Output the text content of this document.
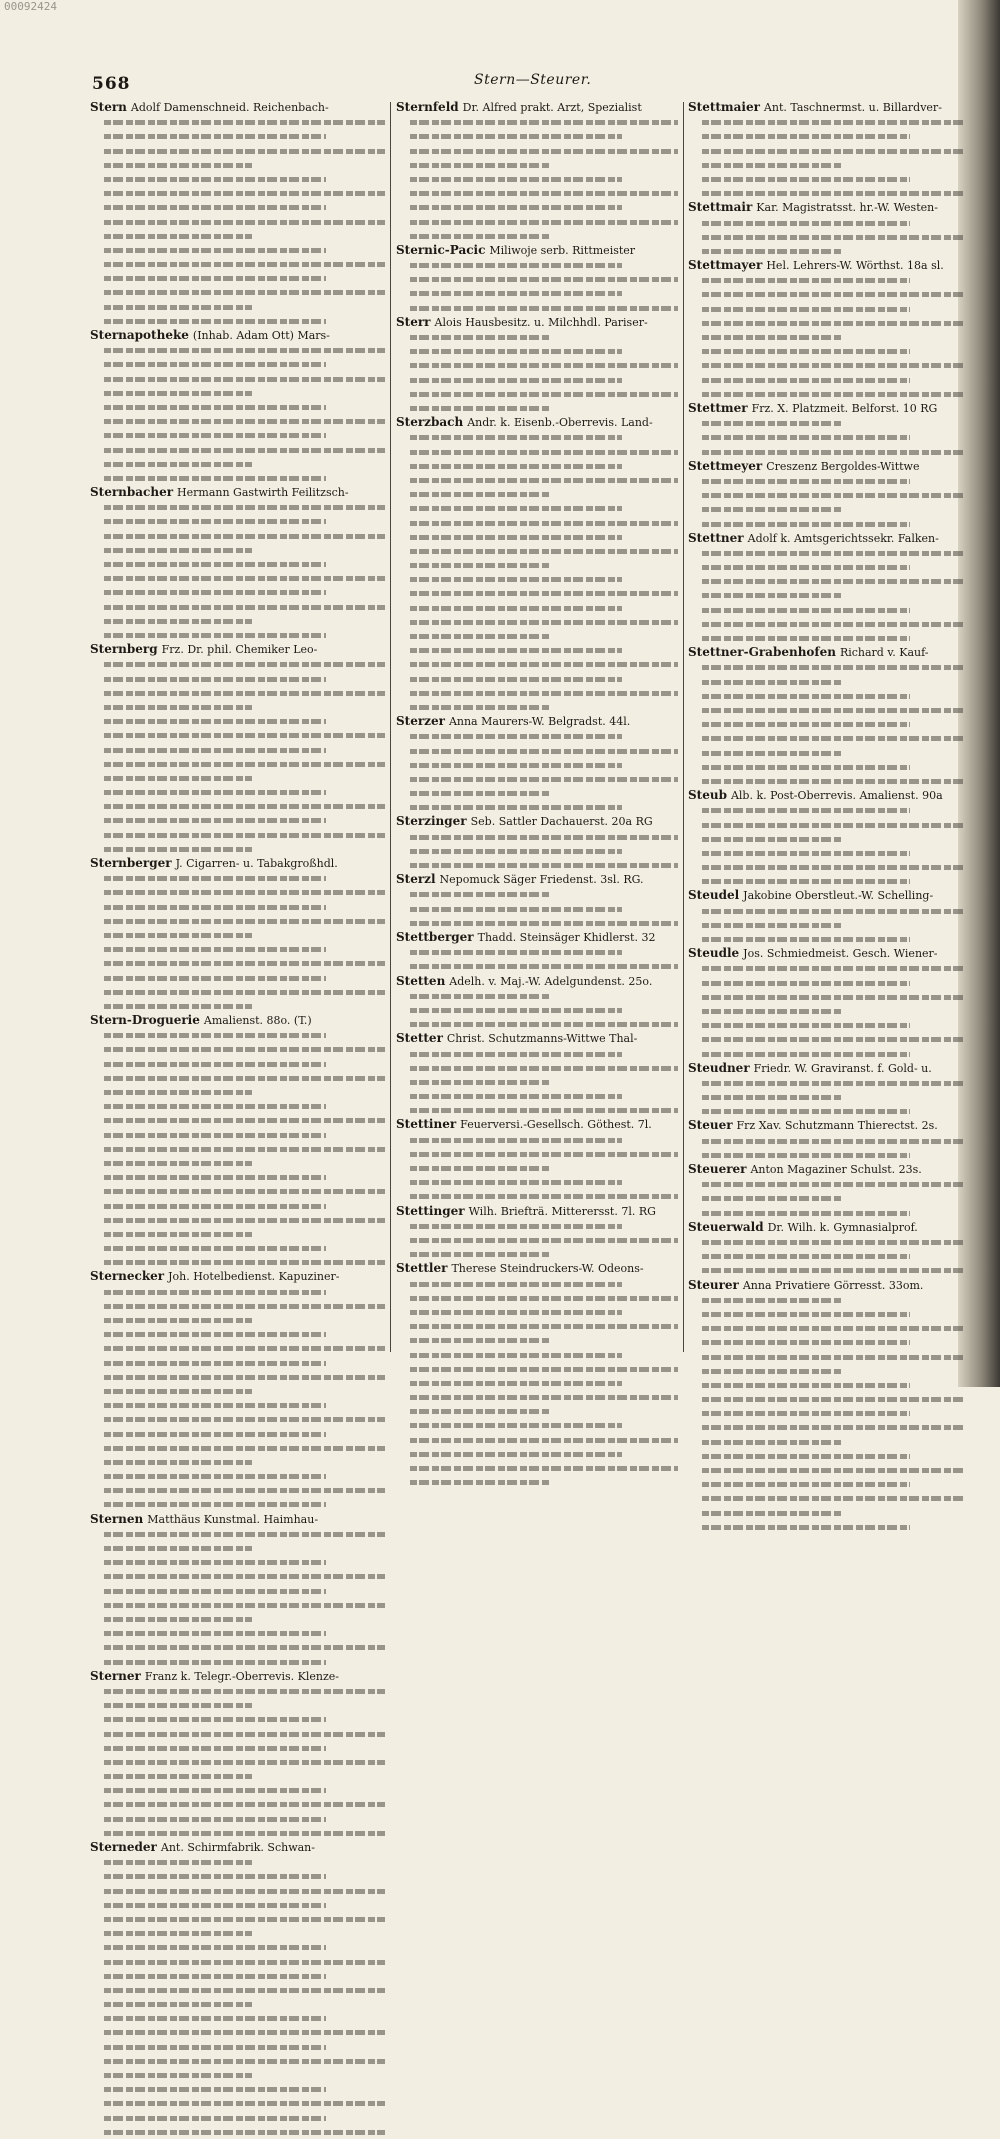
00092424
568	Stern—Steurer.

Stern Adolf Damenschneid. Reichenbach-

Sternapotheke (Inhab. Adam Ott) Mars-

Sternbacher Hermann Gastwirth Feilitzsch-

Sternberg Frz. Dr. phil. Chemiker Leo-

Sternberger J. Cigarren- u. Tabakgroßhdl.

Stern-Droguerie Amalienst. 88o. (T.)

Sternecker Joh. Hotelbedienst. Kapuziner-

Sternen Matthäus Kunstmal. Haimhau-

Sterner Franz k. Telegr.-Oberrevis. Klenze-

Sterneder Ant. Schirmfabrik. Schwan-

Sternfeld Dr. Alfred prakt. Arzt, Spezialist

Sternic-Pacic Miliwoje serb. Rittmeister

Sterr Alois Hausbesitz. u. Milchhdl. Pariser-

Sterzbach Andr. k. Eisenb.-Oberrevis. Land-

Sterzer Anna Maurers-W. Belgradst. 44l.

Sterzinger Seb. Sattler Dachauerst. 20a RG

Sterzl Nepomuck Säger Friedenst. 3sl. RG.

Stettberger Thadd. Steinsäger Khidlerst. 32

Stetten Adelh. v. Maj.-W. Adelgundenst. 25o.

Stetter Christ. Schutzmanns-Wittwe Thal-

Stettiner Feuerversi.-Gesellsch. Göthest. 7l.

Stettinger Wilh. Briefträ. Mitterersst. 7l. RG

Stettler Therese Steindruckers-W. Odeons-

Stettmaier Ant. Taschnermst. u. Billardver-

Stettmair Kar. Magistratsst. hr.-W. Westen-

Stettmayer Hel. Lehrers-W. Wörthst. 18a sl.

Stettmer Frz. X. Platzmeit. Belforst. 10 RG

Stettmeyer Creszenz Bergoldes-Wittwe

Stettner Adolf k. Amtsgerichtssekr. Falken-

Stettner-Grabenhofen Richard v. Kauf-

Steub Alb. k. Post-Oberrevis. Amalienst. 90a

Steudel Jakobine Oberstleut.-W. Schelling-

Steudle Jos. Schmiedmeist. Gesch. Wiener-

Steudner Friedr. W. Graviranst. f. Gold- u.

Steuer Frz Xav. Schutzmann Thierectst. 2s.

Steuerer Anton Magaziner Schulst. 23s.

Steuerwald Dr. Wilh. k. Gymnasialprof.

Steurer Anna Privatiere Görresst. 33om.
